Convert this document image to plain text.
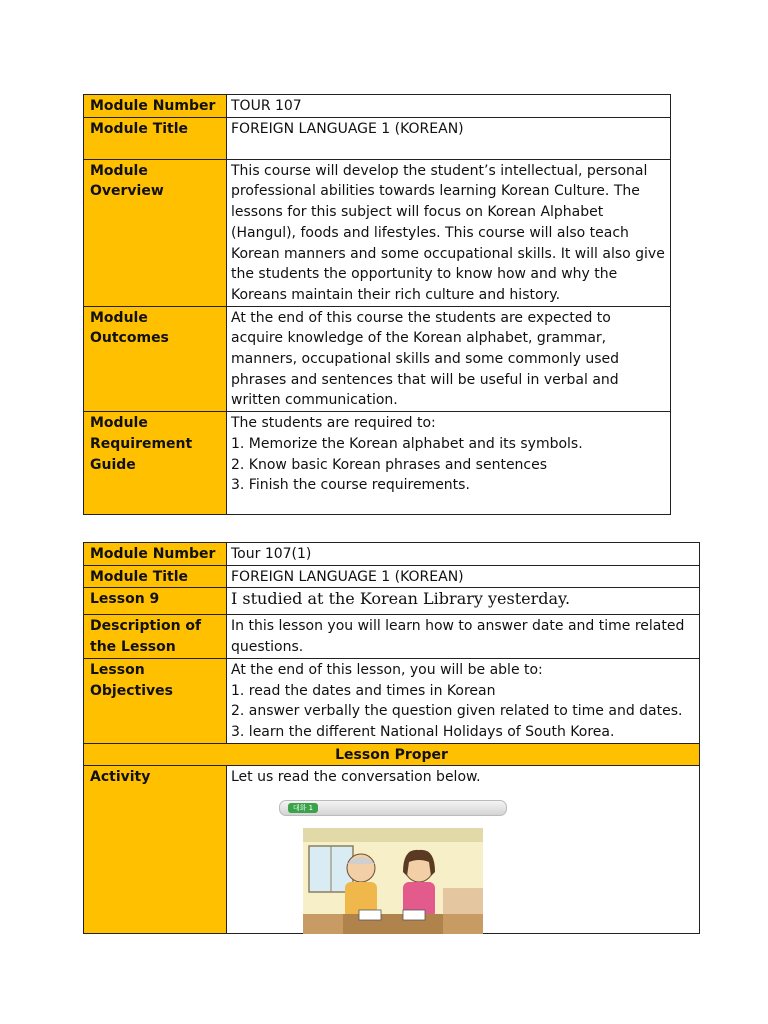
Module Number	TOUR 107
Module Title	FOREIGN LANGUAGE 1 (KOREAN)
Module Overview	This course will develop the student’s intellectual, personal professional abilities towards learning Korean Culture. The lessons for this subject will focus on Korean Alphabet (Hangul), foods and lifestyles. This course will also teach Korean manners and some occupational skills. It will also give the students the opportunity to know how and why the Koreans maintain their rich culture and history.
Module Outcomes	At the end of this course the students are expected to acquire knowledge of the Korean alphabet, grammar, manners, occupational skills and some commonly used phrases and sentences that will be useful in verbal and written communication.
Module Requirement Guide	The students are required to:
1. Memorize the Korean alphabet and its symbols.
2. Know basic Korean phrases and sentences
3. Finish the course requirements.
Module Number	Tour 107(1)
Module Title	FOREIGN LANGUAGE 1 (KOREAN)
Lesson 9	I studied at the Korean Library yesterday.
Description of the Lesson	In this lesson you will learn how to answer date and time related questions.
Lesson Objectives	At the end of this lesson, you will be able to:
1. read the dates and times in Korean
2. answer verbally the question given related to time and dates.
3. learn the different National Holidays of South Korea.

Lesson Proper	
Activity	Let us read the conversation below.
대화 1
